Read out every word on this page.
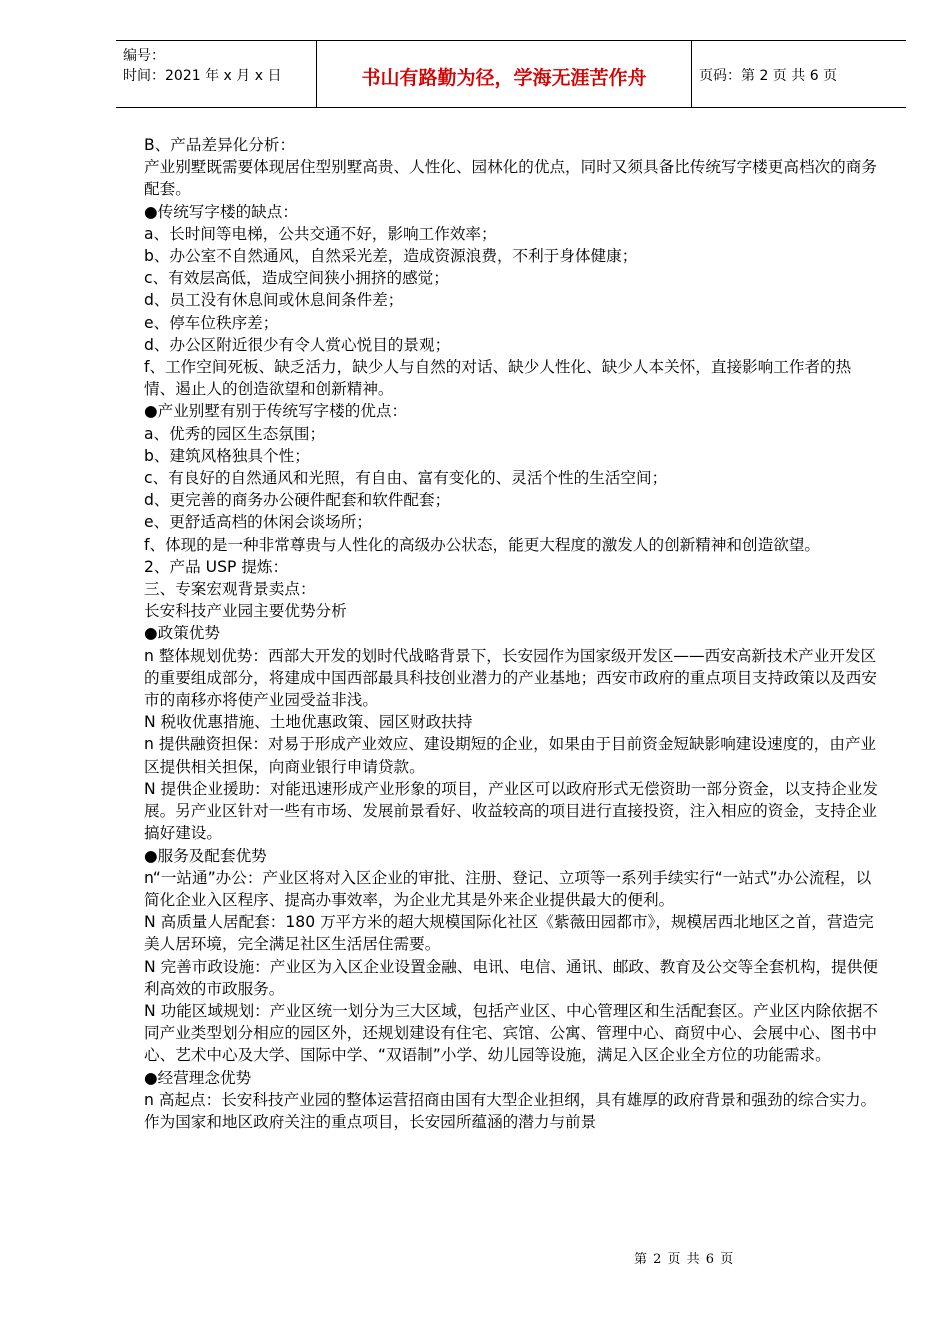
编号：
时间：2021 年 x 月 x 日	书山有路勤为径，学海无涯苦作舟	页码：第 2 页 共 6 页

B、产品差异化分析：

产业别墅既需要体现居住型别墅高贵、人性化、园林化的优点，同时又须具备比传统写字楼更高档次的商务配套。

●传统写字楼的缺点：

a、长时间等电梯，公共交通不好，影响工作效率；

b、办公室不自然通风，自然采光差，造成资源浪费，不利于身体健康；

c、有效层高低，造成空间狭小拥挤的感觉；

d、员工没有休息间或休息间条件差；

e、停车位秩序差；

d、办公区附近很少有令人赏心悦目的景观；

f、工作空间死板、缺乏活力，缺少人与自然的对话、缺少人性化、缺少人本关怀，直接影响工作者的热情、遏止人的创造欲望和创新精神。

●产业别墅有别于传统写字楼的优点：

a、优秀的园区生态氛围；

b、建筑风格独具个性；

c、有良好的自然通风和光照，有自由、富有变化的、灵活个性的生活空间；

d、更完善的商务办公硬件配套和软件配套；

e、更舒适高档的休闲会谈场所；

f、体现的是一种非常尊贵与人性化的高级办公状态，能更大程度的激发人的创新精神和创造欲望。

2、产品 USP 提炼：

三、专案宏观背景卖点：

长安科技产业园主要优势分析

●政策优势

n 整体规划优势：西部大开发的划时代战略背景下，长安园作为国家级开发区——西安高新技术产业开发区的重要组成部分，将建成中国西部最具科技创业潜力的产业基地；西安市政府的重点项目支持政策以及西安市的南移亦将使产业园受益非浅。

N 税收优惠措施、土地优惠政策、园区财政扶持

n 提供融资担保：对易于形成产业效应、建设期短的企业，如果由于目前资金短缺影响建设速度的，由产业区提供相关担保，向商业银行申请贷款。

N 提供企业援助：对能迅速形成产业形象的项目，产业区可以政府形式无偿资助一部分资金，以支持企业发展。另产业区针对一些有市场、发展前景看好、收益较高的项目进行直接投资，注入相应的资金，支持企业搞好建设。

●服务及配套优势

n“一站通”办公：产业区将对入区企业的审批、注册、登记、立项等一系列手续实行“一站式”办公流程，以简化企业入区程序、提高办事效率，为企业尤其是外来企业提供最大的便利。

N 高质量人居配套：180 万平方米的超大规模国际化社区《紫薇田园都市》，规模居西北地区之首，营造完美人居环境，完全满足社区生活居住需要。

N 完善市政设施：产业区为入区企业设置金融、电讯、电信、通讯、邮政、教育及公交等全套机构，提供便利高效的市政服务。

N 功能区域规划：产业区统一划分为三大区域，包括产业区、中心管理区和生活配套区。产业区内除依据不同产业类型划分相应的园区外，还规划建设有住宅、宾馆、公寓、管理中心、商贸中心、会展中心、图书中心、艺术中心及大学、国际中学、“双语制”小学、幼儿园等设施，满足入区企业全方位的功能需求。

●经营理念优势

n 高起点：长安科技产业园的整体运营招商由国有大型企业担纲，具有雄厚的政府背景和强劲的综合实力。作为国家和地区政府关注的重点项目，长安园所蕴涵的潜力与前景

第 2 页 共 6 页
